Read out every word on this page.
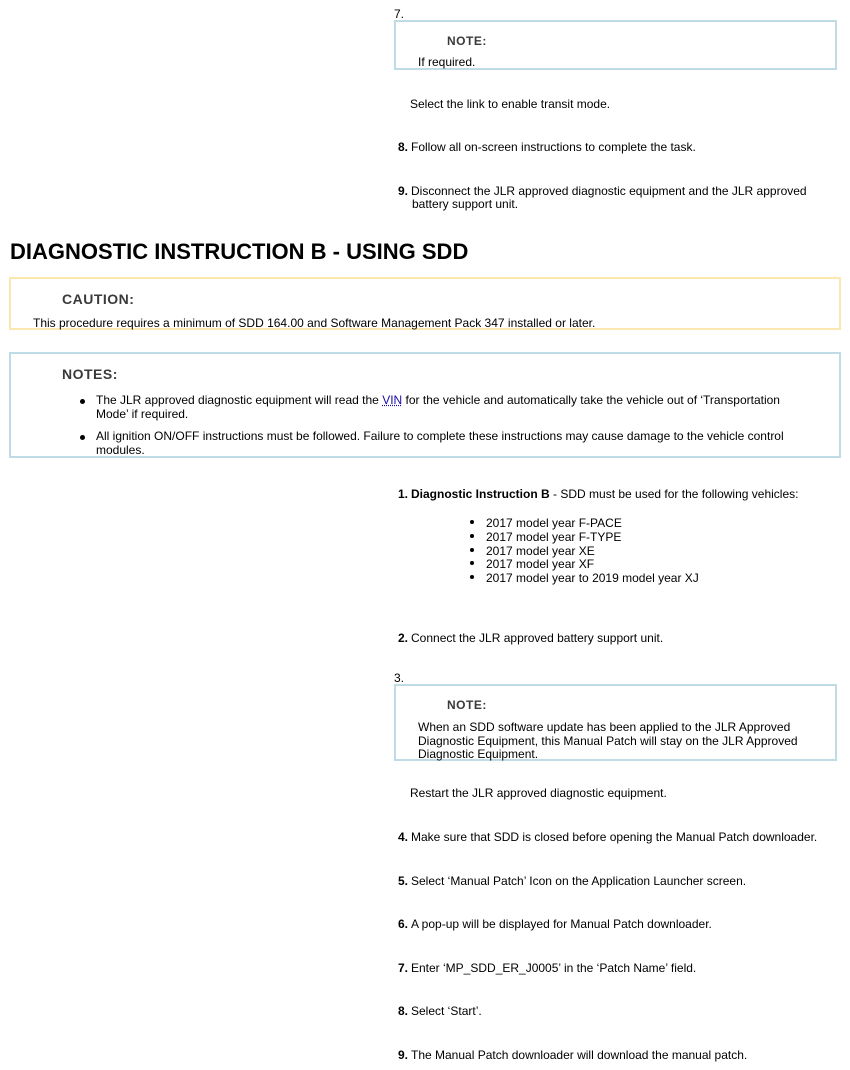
7.
NOTE:
If required.
Select the link to enable transit mode.
8. Follow all on-screen instructions to complete the task.
9. Disconnect the JLR approved diagnostic equipment and the JLR approved
battery support unit.
DIAGNOSTIC INSTRUCTION B - USING SDD
CAUTION:
This procedure requires a minimum of SDD 164.00 and Software Management Pack 347 installed or later.
NOTES:
The JLR approved diagnostic equipment will read the VIN for the vehicle and automatically take the vehicle out of ‘Transportation
Mode’ if required.
All ignition ON/OFF instructions must be followed. Failure to complete these instructions may cause damage to the vehicle control
modules.
1. Diagnostic Instruction B - SDD must be used for the following vehicles:
2017 model year F-PACE
2017 model year F-TYPE
2017 model year XE
2017 model year XF
2017 model year to 2019 model year XJ
2. Connect the JLR approved battery support unit.
3.
NOTE:
When an SDD software update has been applied to the JLR Approved
Diagnostic Equipment, this Manual Patch will stay on the JLR Approved
Diagnostic Equipment.
Restart the JLR approved diagnostic equipment.
4. Make sure that SDD is closed before opening the Manual Patch downloader.
5. Select ‘Manual Patch’ Icon on the Application Launcher screen.
6. A pop-up will be displayed for Manual Patch downloader.
7. Enter ‘MP_SDD_ER_J0005’ in the ‘Patch Name’ field.
8. Select ‘Start’.
9. The Manual Patch downloader will download the manual patch.
